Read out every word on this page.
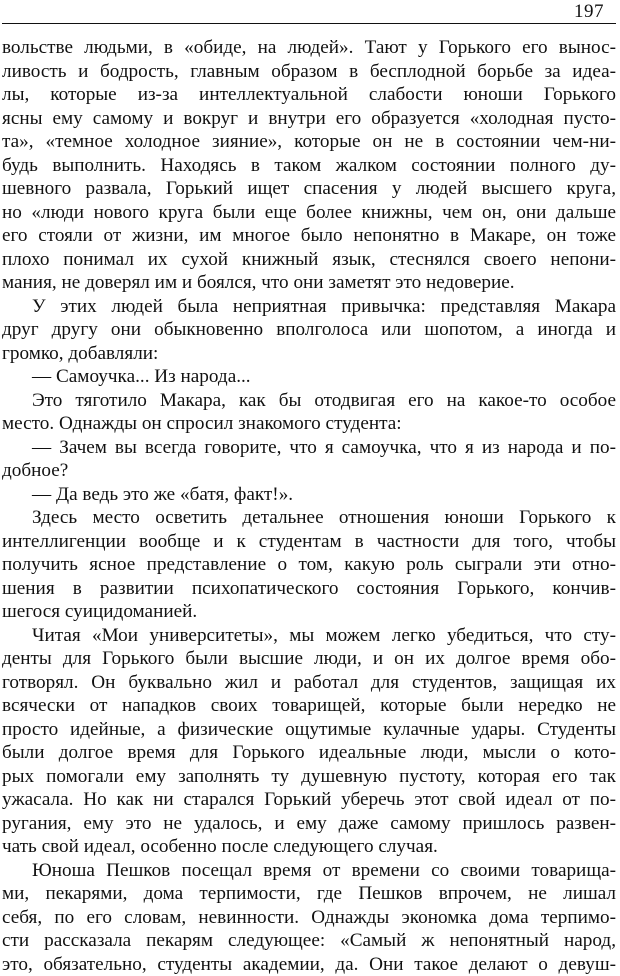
197
вольстве людьми, в «обиде, на людей». Тают у Горького его вынос-
ливость и бодрость, главным образом в бесплодной борьбе за идеа-
лы, которые из-за интеллектуальной слабости юноши Горького
ясны ему самому и вокруг и внутри его образуется «холодная пусто-
та», «темное холодное зияние», которые он не в состоянии чем-ни-
будь выполнить. Находясь в таком жалком состоянии полного ду-
шевного развала, Горький ищет спасения у людей высшего круга,
но «люди нового круга были еще более книжны, чем он, они дальше
его стояли от жизни, им многое было непонятно в Макаре, он тоже
плохо понимал их сухой книжный язык, стеснялся своего непони-
мания, не доверял им и боялся, что они заметят это недоверие.
У этих людей была неприятная привычка: представляя Макара
друг другу они обыкновенно вполголоса или шопотом, а иногда и
громко, добавляли:
— Самоучка... Из народа...
Это тяготило Макара, как бы отодвигая его на какое-то особое
место. Однажды он спросил знакомого студента:
— Зачем вы всегда говорите, что я самоучка, что я из народа и по-
добное?
— Да ведь это же «батя, факт!».
Здесь место осветить детальнее отношения юноши Горького к
интеллигенции вообще и к студентам в частности для того, чтобы
получить ясное представление о том, какую роль сыграли эти отно-
шения в развитии психопатического состояния Горького, кончив-
шегося суицидоманией.
Читая «Мои университеты», мы можем легко убедиться, что сту-
денты для Горького были высшие люди, и он их долгое время обо-
готворял. Он буквально жил и работал для студентов, защищая их
всячески от нападков своих товарищей, которые были нередко не
просто идейные, а физические ощутимые кулачные удары. Студенты
были долгое время для Горького идеальные люди, мысли о кото-
рых помогали ему заполнять ту душевную пустоту, которая его так
ужасала. Но как ни старался Горький уберечь этот свой идеал от по-
ругания, ему это не удалось, и ему даже самому пришлось развен-
чать свой идеал, особенно после следующего случая.
Юноша Пешков посещал время от времени со своими товарища-
ми, пекарями, дома терпимости, где Пешков впрочем, не лишал
себя, по его словам, невинности. Однажды экономка дома терпимо-
сти рассказала пекарям следующее: «Самый ж непонятный народ,
это, обязательно, студенты академии, да. Они такое делают о девуш-
